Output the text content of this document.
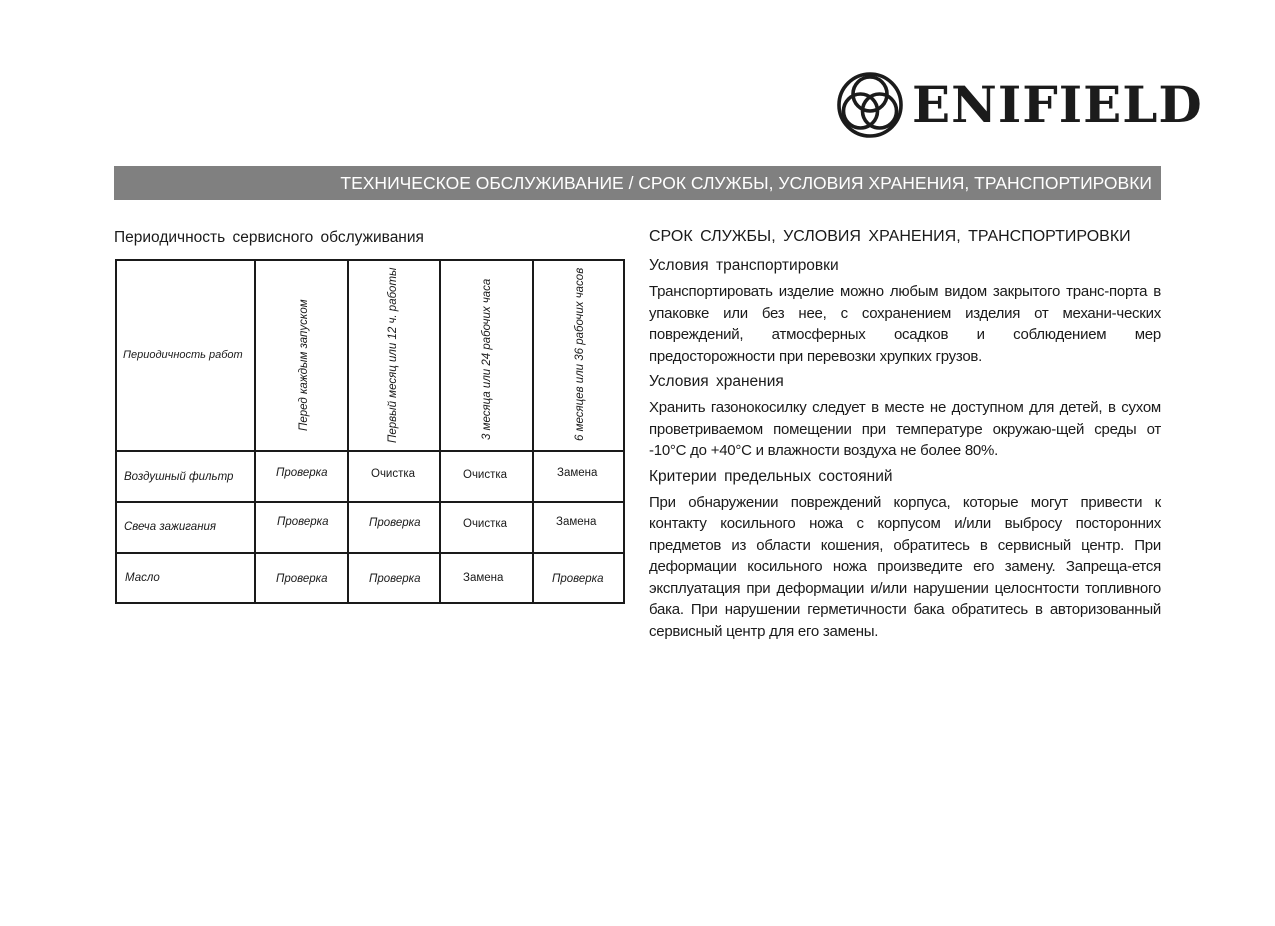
ENIFIELD
ТЕХНИЧЕСКОЕ ОБСЛУЖИВАНИЕ / СРОК СЛУЖБЫ, УСЛОВИЯ ХРАНЕНИЯ, ТРАНСПОРТИРОВКИ
Периодичность сервисного обслуживания
Периодичность работ	Перед каждым запуском	Первый месяц или 12 ч. работы	3 месяца или 24 рабочих часа	6 месяцев или 36 рабочих часов
Воздушный фильтр	Проверка	Очистка	Очистка	Замена
Свеча зажигания	Проверка	Проверка	Очистка	Замена
Масло	Проверка	Проверка	Замена	Проверка
СРОК СЛУЖБЫ, УСЛОВИЯ ХРАНЕНИЯ, ТРАНСПОРТИРОВКИ
Условия транспортировки
Транспортировать изделие можно любым видом закрытого транс-порта в упаковке или без нее, с сохранением изделия от механи-ческих повреждений, атмосферных осадков и соблюдением мер предосторожности при перевозки хрупких грузов.
Условия хранения
Хранить газонокосилку следует в месте не доступном для детей, в сухом проветриваемом помещении при температуре окружаю-щей среды от -10°С до +40°С и влажности воздуха не более 80%.
Критерии предельных состояний
При обнаружении повреждений корпуса, которые могут привести к контакту косильного ножа с корпусом и/или выбросу посторонних предметов из области кошения, обратитесь в сервисный центр. При деформации косильного ножа произведите его замену. Запреща-ется эксплуатация при деформации и/или нарушении целоснтости топливного бака. При нарушении герметичности бака обратитесь в авторизованный сервисный центр для его замены.
